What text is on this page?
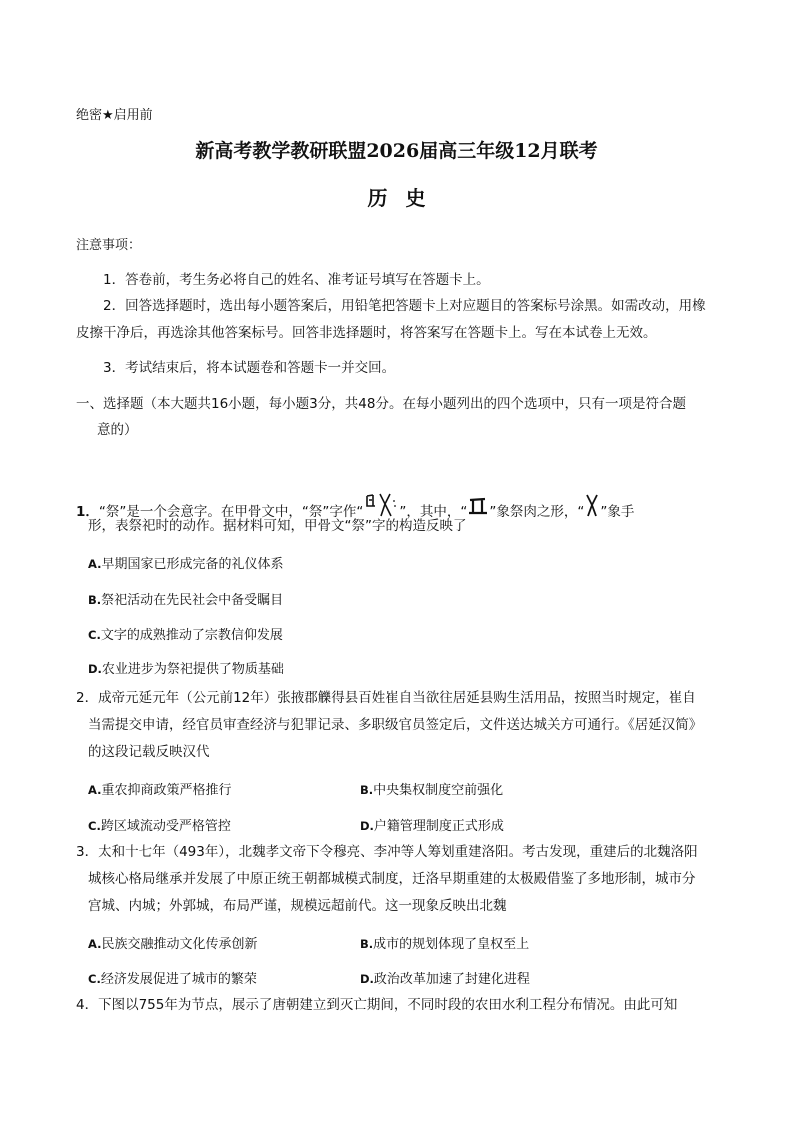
绝密★启用前
新高考教学教研联盟2026届高三年级12月联考
历史
注意事项：
1．答卷前，考生务必将自己的姓名、准考证号填写在答题卡上。
2．回答选择题时，选出每小题答案后，用铅笔把答题卡上对应题目的答案标号涂黑。如需改动，用橡
皮擦干净后，再选涂其他答案标号。回答非选择题时，将答案写在答题卡上。写在本试卷上无效。
3．考试结束后，将本试题卷和答题卡一并交回。
一、选择题（本大题共16小题，每小题3分，共48分。在每小题列出的四个选项中，只有一项是符合题
意的）
1．“祭”是一个会意字。在甲骨文中，“祭”字作“	”，其中，“ ”象祭肉之形，“ ”象手
形，表祭祀时的动作。据材料可知，甲骨文“祭”字的构造反映了
A.早期国家已形成完备的礼仪体系
B.祭祀活动在先民社会中备受瞩目
C.文字的成熟推动了宗教信仰发展
D.农业进步为祭祀提供了物质基础
2．成帝元延元年（公元前12年）张掖郡觻得县百姓崔自当欲往居延县购生活用品，按照当时规定，崔自
当需提交申请，经官员审查经济与犯罪记录、多职级官员签定后，文件送达城关方可通行。《居延汉简》
的这段记载反映汉代
A.重农抑商政策严格推行	B.中央集权制度空前强化
C.跨区域流动受严格管控	D.户籍管理制度正式形成
3．太和十七年（493年），北魏孝文帝下令穆亮、李冲等人筹划重建洛阳。考古发现，重建后的北魏洛阳
城核心格局继承并发展了中原正统王朝都城模式制度，迁洛早期重建的太极殿借鉴了多地形制，城市分
宫城、内城；外郭城，布局严谨，规模远超前代。这一现象反映出北魏
A.民族交融推动文化传承创新	B.成市的规划体现了皇权至上
C.经济发展促进了城市的繁荣	D.政治改革加速了封建化进程
4．下图以755年为节点，展示了唐朝建立到灭亡期间，不同时段的农田水利工程分布情况。由此可知
